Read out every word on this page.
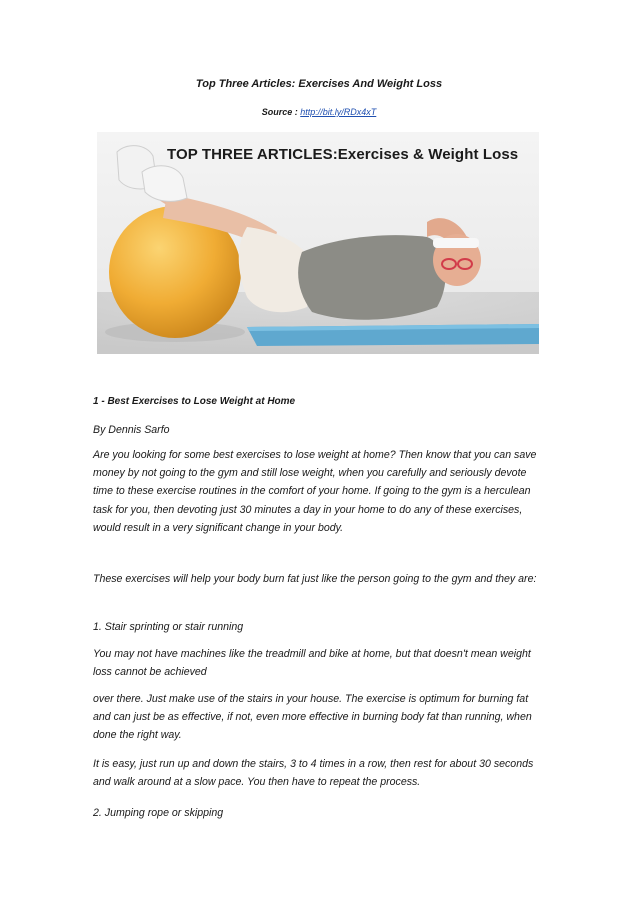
Top Three Articles: Exercises And Weight Loss
Source : http://bit.ly/RDx4xT
TOP THREE ARTICLES:Exercises & Weight Loss
1 - Best Exercises to Lose Weight at Home

By Dennis Sarfo

Are you looking for some best exercises to lose weight at home? Then know that you can save money by not going to the gym and still lose weight, when you carefully and seriously devote time to these exercise routines in the comfort of your home. If going to the gym is a herculean task for you, then devoting just 30 minutes a day in your home to do any of these exercises, would result in a very significant change in your body.

These exercises will help your body burn fat just like the person going to the gym and they are:

1. Stair sprinting or stair running

You may not have machines like the treadmill and bike at home, but that doesn't mean weight loss cannot be achieved

over there. Just make use of the stairs in your house. The exercise is optimum for burning fat and can just be as effective, if not, even more effective in burning body fat than running, when done the right way.

It is easy, just run up and down the stairs, 3 to 4 times in a row, then rest for about 30 seconds and walk around at a slow pace. You then have to repeat the process.

2. Jumping rope or skipping
